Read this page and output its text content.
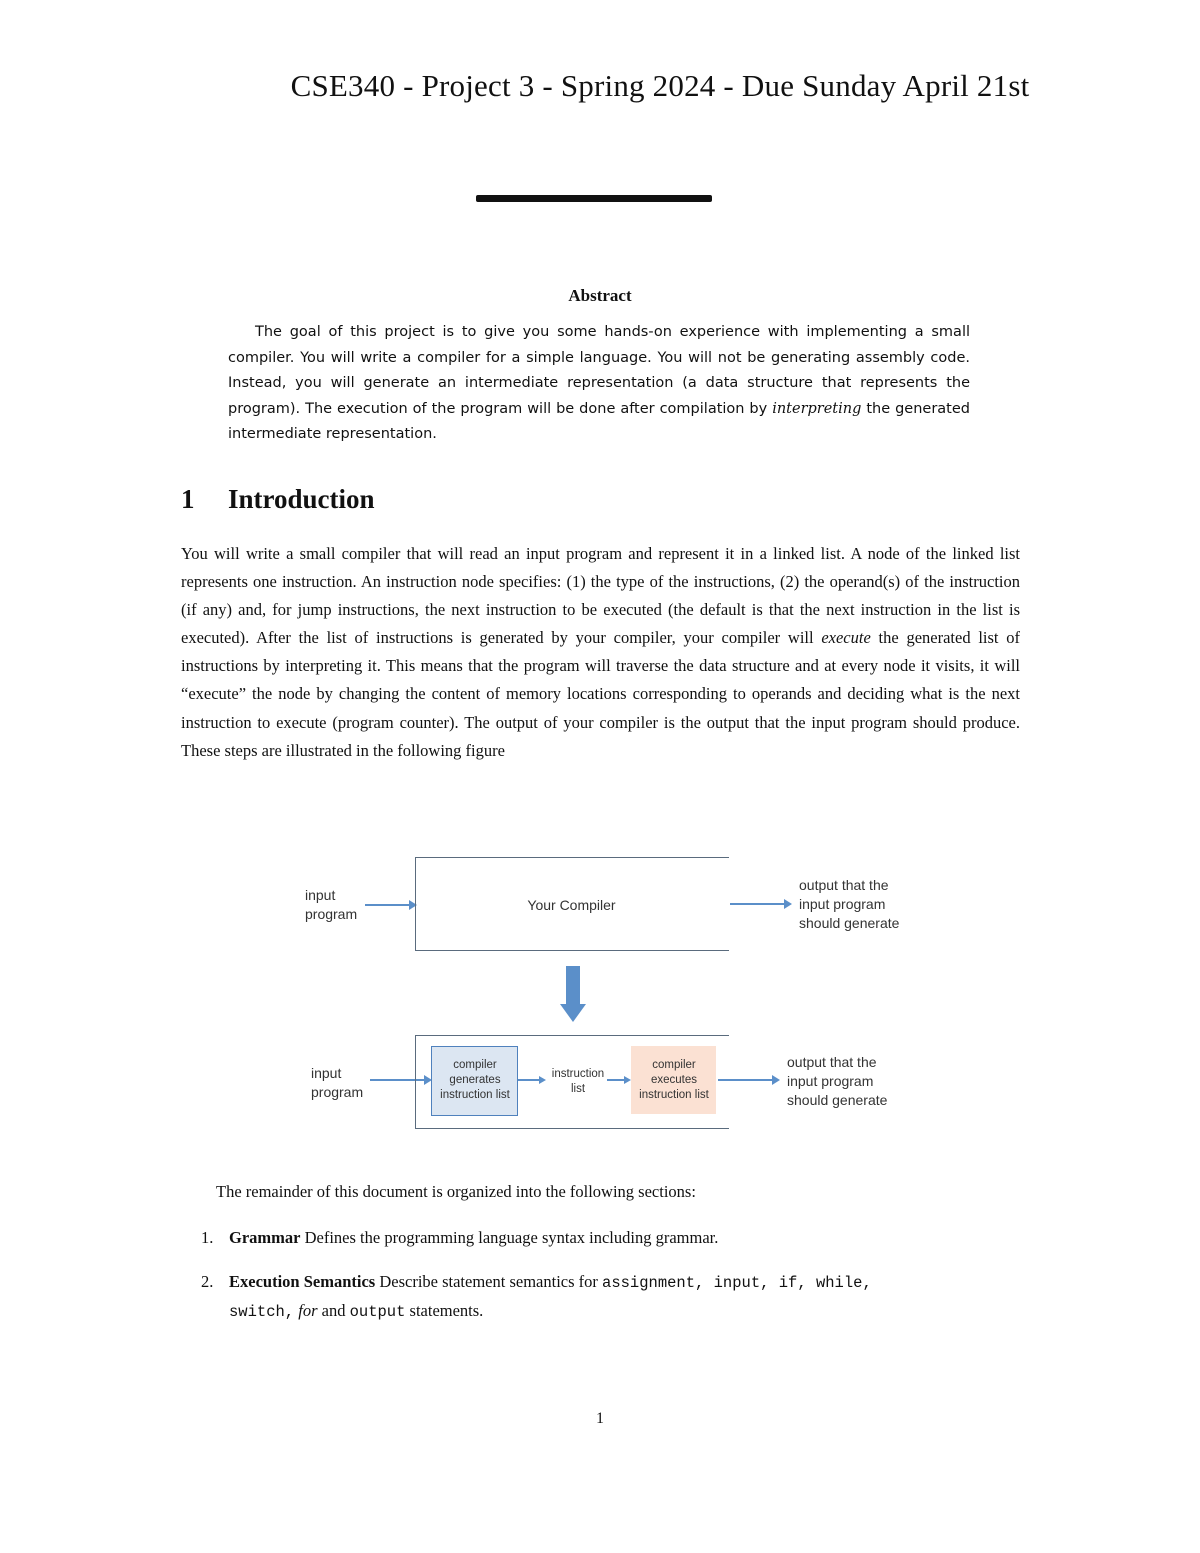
CSE340 - Project 3 - Spring 2024 - Due Sunday April 21st
Abstract

The goal of this project is to give you some hands-on experience with implementing a small compiler. You will write a compiler for a simple language. You will not be generating assembly code. Instead, you will generate an intermediate representation (a data structure that represents the program). The execution of the program will be done after compilation by interpreting the generated intermediate representation.

1 Introduction

You will write a small compiler that will read an input program and represent it in a linked list. A node of the linked list represents one instruction. An instruction node specifies: (1) the type of the instructions, (2) the operand(s) of the instruction (if any) and, for jump instructions, the next instruction to be executed (the default is that the next instruction in the list is executed). After the list of instructions is generated by your compiler, your compiler will execute the generated list of instructions by interpreting it. This means that the program will traverse the data structure and at every node it visits, it will “execute” the node by changing the content of memory locations corresponding to operands and deciding what is the next instruction to execute (program counter). The output of your compiler is the output that the input program should produce. These steps are illustrated in the following figure

input
program
Your Compiler
output that the
input program
should generate
input
program
compiler
generates
instruction list
instruction
list
compiler
executes
instruction list
output that the
input program
should generate
The remainder of this document is organized into the following sections:
1. Grammar Defines the programming language syntax including grammar.
2. Execution Semantics Describe statement semantics for assignment, input, if, while,
switch, for and output statements.
1
